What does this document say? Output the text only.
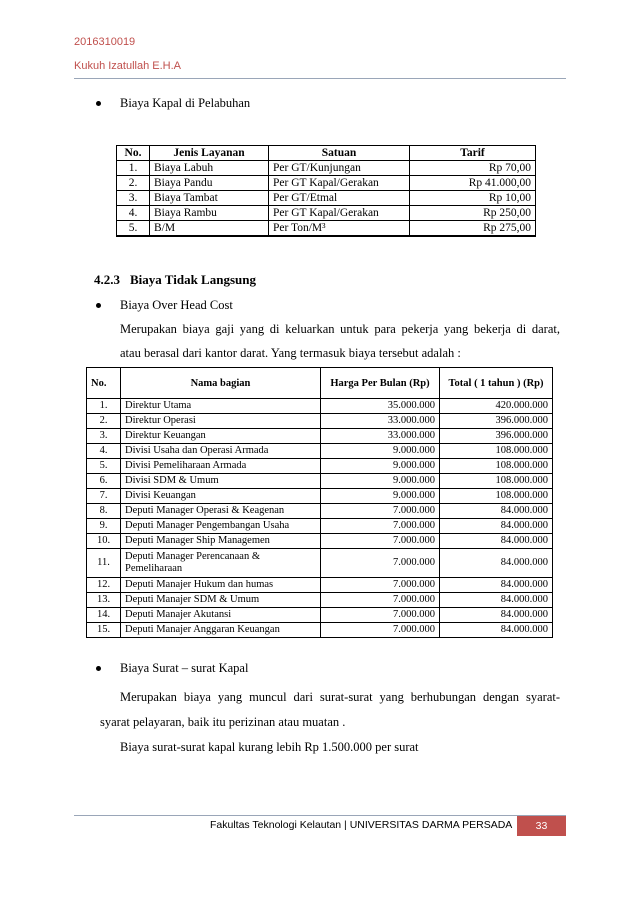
2016310019
Kukuh Izatullah E.H.A
Biaya Kapal di Pelabuhan
No.	Jenis Layanan	Satuan	Tarif
1.	Biaya Labuh	Per GT/Kunjungan	Rp 70,00
2.	Biaya Pandu	Per GT Kapal/Gerakan	Rp 41.000,00
3.	Biaya Tambat	Per GT/Etmal	Rp 10,00
4.	Biaya Rambu	Per GT Kapal/Gerakan	Rp 250,00
5.	B/M	Per Ton/M³	Rp 275,00
4.2.3 Biaya Tidak Langsung
Biaya Over Head Cost
Merupakan biaya gaji yang di keluarkan untuk para pekerja yang bekerja di darat,
atau berasal dari kantor darat. Yang termasuk biaya tersebut adalah :
No.	Nama bagian	Harga Per Bulan (Rp)	Total ( 1 tahun ) (Rp)
1.	Direktur Utama	35.000.000	420.000.000
2.	Direktur Operasi	33.000.000	396.000.000
3.	Direktur Keuangan	33.000.000	396.000.000
4.	Divisi Usaha dan Operasi Armada	9.000.000	108.000.000
5.	Divisi Pemeliharaan Armada	9.000.000	108.000.000
6.	Divisi SDM & Umum	9.000.000	108.000.000
7.	Divisi Keuangan	9.000.000	108.000.000
8.	Deputi Manager Operasi & Keagenan	7.000.000	84.000.000
9.	Deputi Manager Pengembangan Usaha	7.000.000	84.000.000
10.	Deputi Manager Ship Managemen	7.000.000	84.000.000
11.	Deputi Manager Perencanaan & Pemeliharaan	7.000.000	84.000.000
12.	Deputi Manajer Hukum dan humas	7.000.000	84.000.000
13.	Deputi Manajer SDM & Umum	7.000.000	84.000.000
14.	Deputi Manajer Akutansi	7.000.000	84.000.000
15.	Deputi Manajer Anggaran Keuangan	7.000.000	84.000.000
Biaya Surat – surat Kapal
Merupakan biaya yang muncul dari surat-surat yang berhubungan dengan syarat-
syarat pelayaran, baik itu perizinan atau muatan .
Biaya surat-surat kapal kurang lebih Rp 1.500.000 per surat
Fakultas Teknologi Kelautan | UNIVERSITAS DARMA PERSADA	33
